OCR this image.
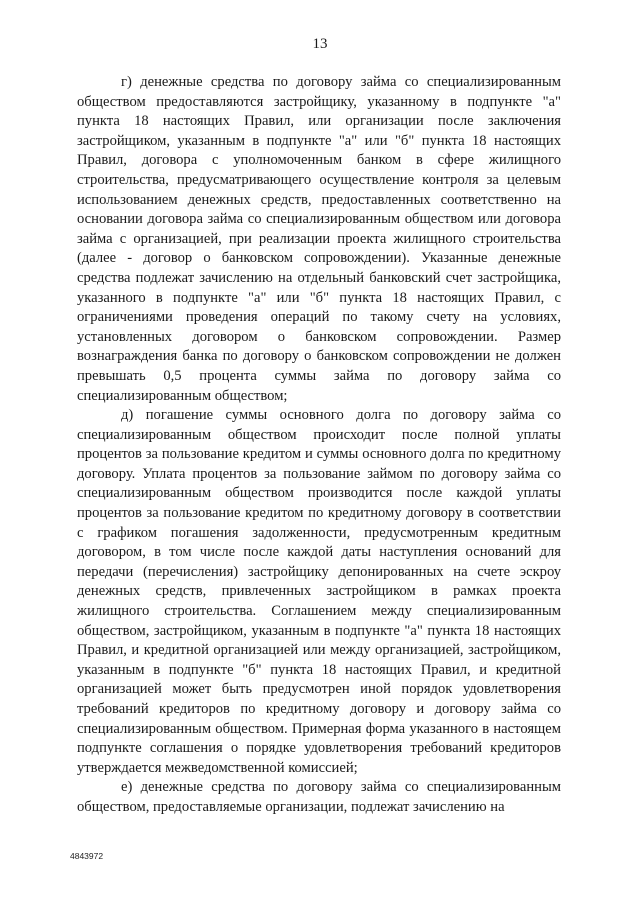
13

г) денежные средства по договору займа со специализированным обществом предоставляются застройщику, указанному в подпункте "а" пункта 18 настоящих Правил, или организации после заключения застройщиком, указанным в подпункте "а" или "б" пункта 18 настоящих Правил, договора с уполномоченным банком в сфере жилищного строительства, предусматривающего осуществление контроля за целевым использованием денежных средств, предоставленных соответственно на основании договора займа со специализированным обществом или договора займа с организацией, при реализации проекта жилищного строительства (далее - договор о банковском сопровождении). Указанные денежные средства подлежат зачислению на отдельный банковский счет застройщика, указанного в подпункте "а" или "б" пункта 18 настоящих Правил, с ограничениями проведения операций по такому счету на условиях, установленных договором о банковском сопровождении. Размер вознаграждения банка по договору о банковском сопровождении не должен превышать 0,5 процента суммы займа по договору займа со специализированным обществом;

д) погашение суммы основного долга по договору займа со специализированным обществом происходит после полной уплаты процентов за пользование кредитом и суммы основного долга по кредитному договору. Уплата процентов за пользование займом по договору займа со специализированным обществом производится после каждой уплаты процентов за пользование кредитом по кредитному договору в соответствии с графиком погашения задолженности, предусмотренным кредитным договором, в том числе после каждой даты наступления оснований для передачи (перечисления) застройщику депонированных на счете эскроу денежных средств, привлеченных застройщиком в рамках проекта жилищного строительства. Соглашением между специализированным обществом, застройщиком, указанным в подпункте "а" пункта 18 настоящих Правил, и кредитной организацией или между организацией, застройщиком, указанным в подпункте "б" пункта 18 настоящих Правил, и кредитной организацией может быть предусмотрен иной порядок удовлетворения требований кредиторов по кредитному договору и договору займа со специализированным обществом. Примерная форма указанного в настоящем подпункте соглашения о порядке удовлетворения требований кредиторов утверждается межведомственной комиссией;

е) денежные средства по договору займа со специализированным обществом, предоставляемые организации, подлежат зачислению на

4843972
